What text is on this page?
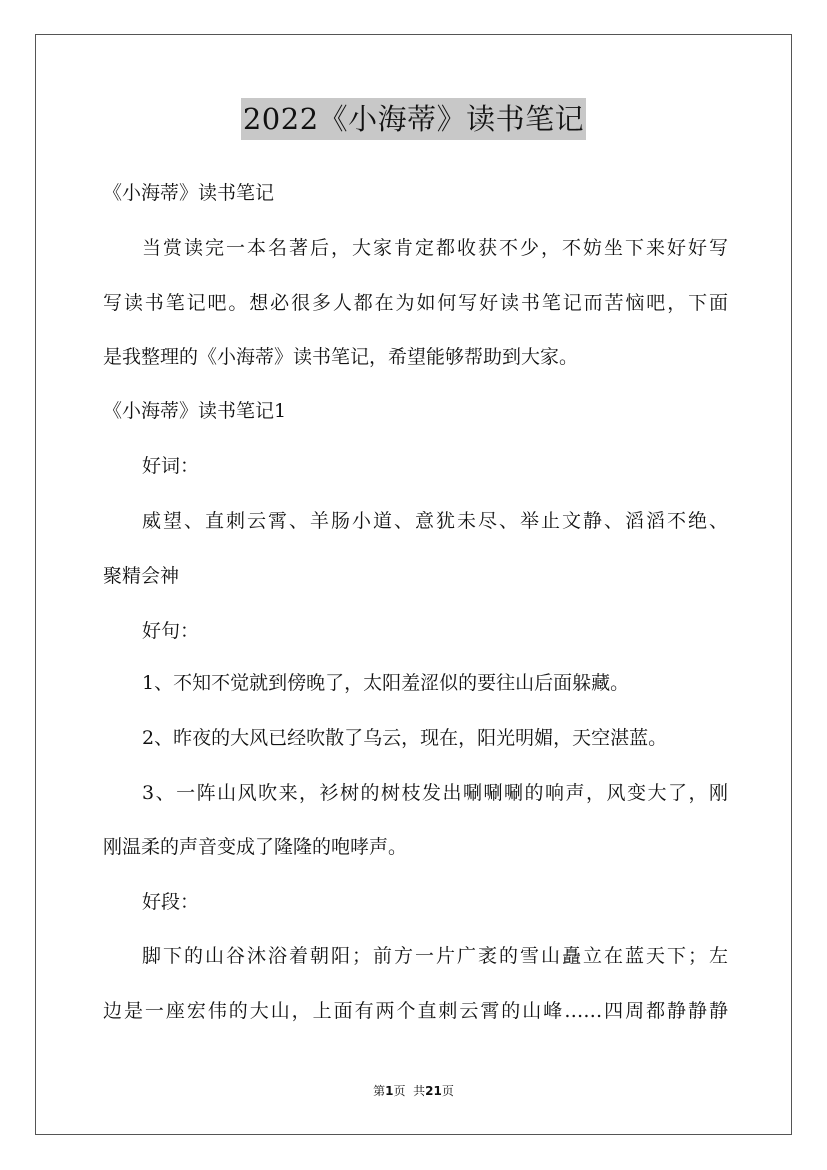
2022《小海蒂》读书笔记
《小海蒂》读书笔记
当赏读完一本名著后，大家肯定都收获不少，不妨坐下来好好写
写读书笔记吧。想必很多人都在为如何写好读书笔记而苦恼吧，下面
是我整理的《小海蒂》读书笔记，希望能够帮助到大家。
《小海蒂》读书笔记1
好词：
威望、直刺云霄、羊肠小道、意犹未尽、举止文静、滔滔不绝、
聚精会神
好句：
1、不知不觉就到傍晚了，太阳羞涩似的要往山后面躲藏。
2、昨夜的大风已经吹散了乌云，现在，阳光明媚，天空湛蓝。
3、一阵山风吹来，衫树的树枝发出唰唰唰的响声，风变大了，刚
刚温柔的声音变成了隆隆的咆哮声。
好段：
脚下的山谷沐浴着朝阳；前方一片广袤的雪山矗立在蓝天下；左
边是一座宏伟的大山，上面有两个直刺云霄的山峰……四周都静静静
第1页 共21页
